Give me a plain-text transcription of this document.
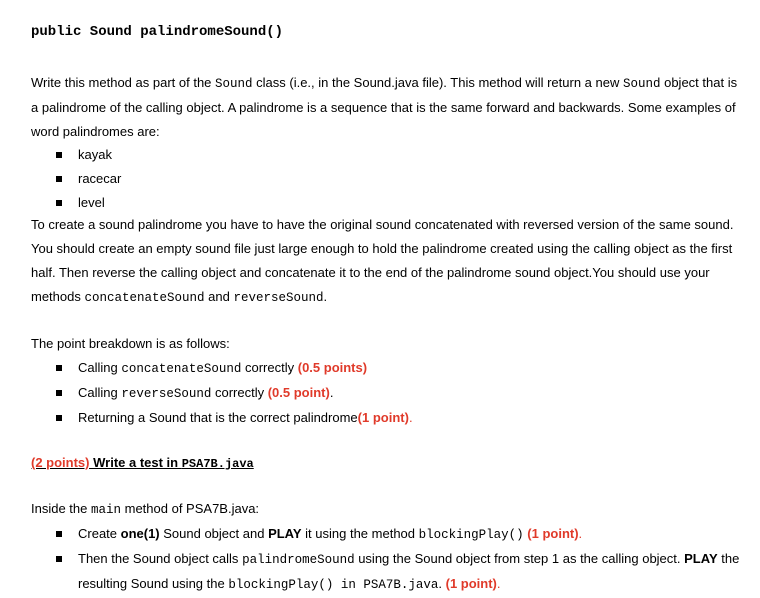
public Sound palindromeSound()

Write this method as part of the Sound class (i.e., in the Sound.java file). This method will return a new Sound object that is a palindrome of the calling object. A palindrome is a sequence that is the same forward and backwards. Some examples of word palindromes are:

kayak
racecar
level

To create a sound palindrome you have to have the original sound concatenated with reversed version of the same sound. You should create an empty sound file just large enough to hold the palindrome created using the calling object as the first half. Then reverse the calling object and concatenate it to the end of the palindrome sound object.You should use your methods concatenateSound and reverseSound.

The point breakdown is as follows:

Calling concatenateSound correctly (0.5 points)
Calling reverseSound correctly (0.5 point).
Returning a Sound that is the correct palindrome(1 point).
(2 points) Write a test in PSA7B.java

Inside the main method of PSA7B.java:

Create one(1) Sound object and PLAY it using the method blockingPlay() (1 point).
Then the Sound object calls palindromeSound using the Sound object from step 1 as the calling object. PLAY the resulting Sound using the blockingPlay() in PSA7B.java. (1 point).
